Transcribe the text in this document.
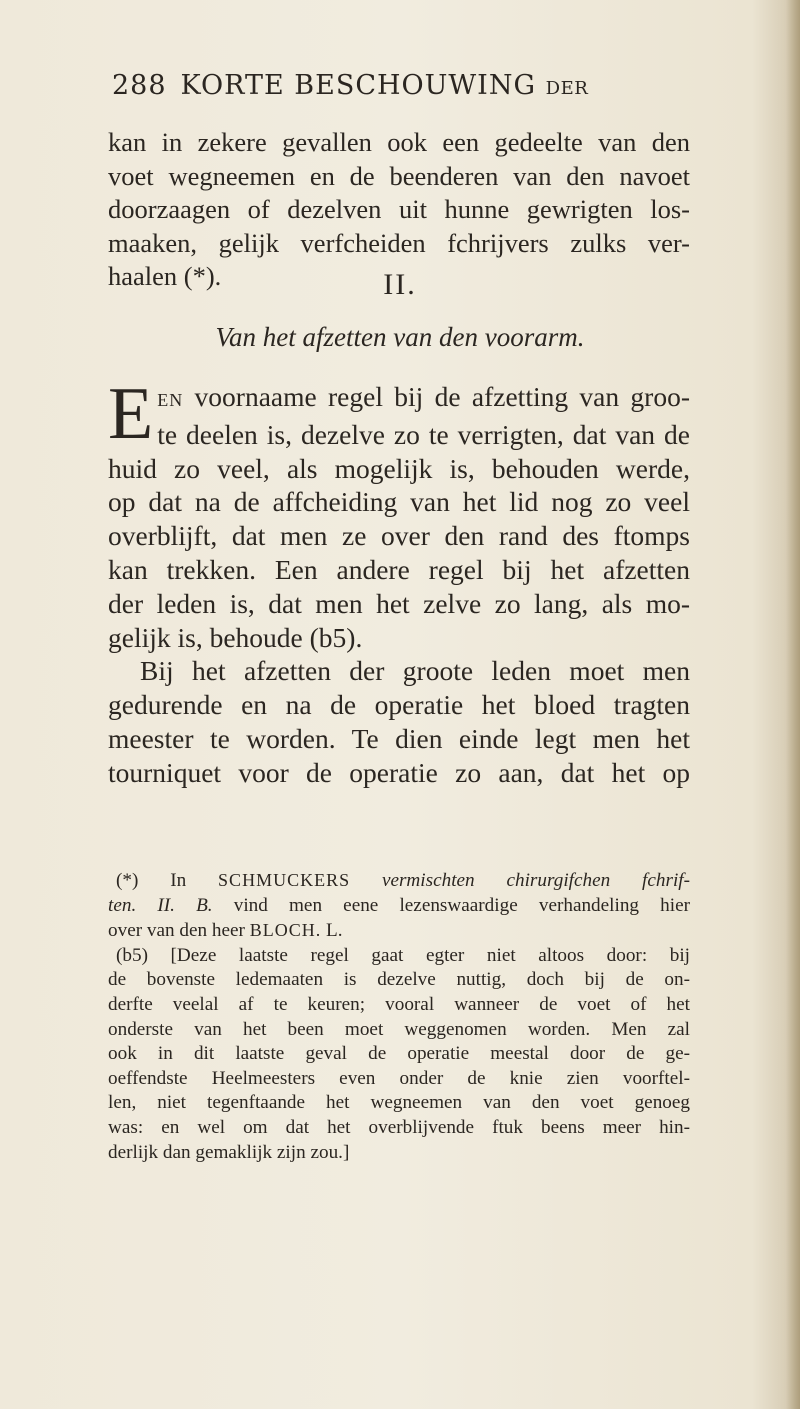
288 KORTE BESCHOUWING DER
kan in zekere gevallen ook een gedeelte van den
voet wegneemen en de beenderen van den navoet
doorzaagen of dezelven uit hunne gewrigten los-
maaken, gelijk verfcheiden fchrijvers zulks ver-
haalen (*).	II.
Van het afzetten van den voorarm.
E EN voornaame regel bij de afzetting van groo-
te deelen is, dezelve zo te verrigten, dat van de
huid zo veel, als mogelijk is, behouden werde,
op dat na de affcheiding van het lid nog zo veel
overblijft, dat men ze over den rand des ftomps
kan trekken. Een andere regel bij het afzetten
der leden is, dat men het zelve zo lang, als mo-
gelijk is, behoude (b5).
Bij het afzetten der groote leden moet men
gedurende en na de operatie het bloed tragten
meester te worden. Te dien einde legt men het
tourniquet voor de operatie zo aan, dat het op
(*) In SCHMUCKERS vermischten chirurgifchen fchrif-
ten. II. B. vind men eene lezenswaardige verhandeling hier
over van den heer BLOCH. L.
(b5) [Deze laatste regel gaat egter niet altoos door: bij
de bovenste ledemaaten is dezelve nuttig, doch bij de on-
derfte veelal af te keuren; vooral wanneer de voet of het
onderste van het been moet weggenomen worden. Men zal
ook in dit laatste geval de operatie meestal door de ge-
oeffendste Heelmeesters even onder de knie zien voorftel-
len, niet tegenftaande het wegneemen van den voet genoeg
was: en wel om dat het overblijvende ftuk beens meer hin-
derlijk dan gemaklijk zijn zou.]
